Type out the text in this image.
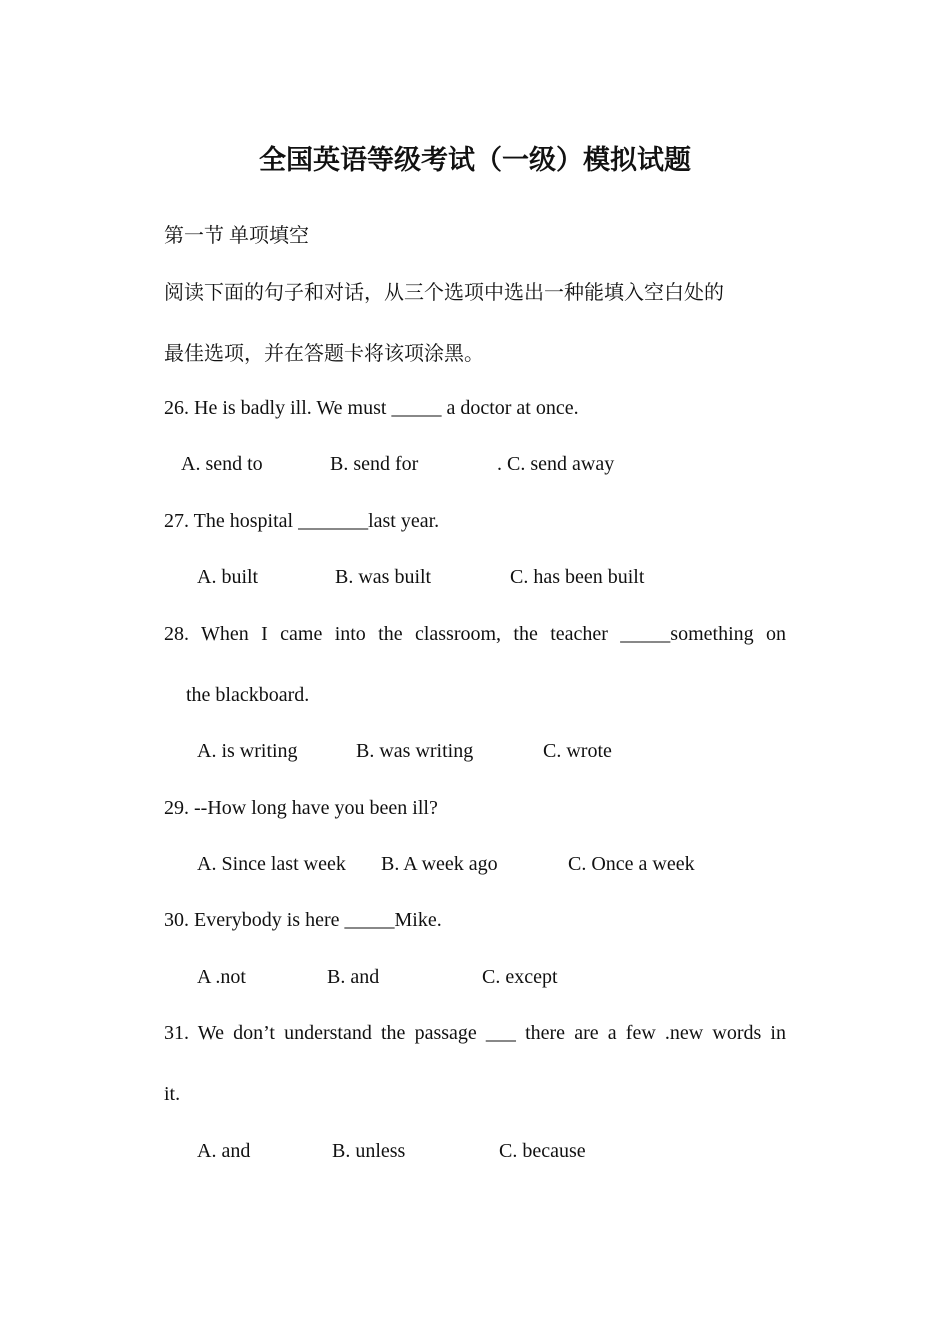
全国英语等级考试（一级）模拟试题
第一节 单项填空
阅读下面的句子和对话，从三个选项中选出一种能填入空白处的
最佳选项，并在答题卡将该项涂黑。
26. He is badly ill. We must _____ a doctor at once.
A. send to	B. send for	. C. send away
27. The hospital _______last year.
A. built	B. was built	C. has been built
28. When I came into the classroom, the teacher _____something on
the blackboard.
A. is writing	B. was writing	C. wrote
29. --How long have you been ill?
A. Since last week B. A week ago	C. Once a week
30. Everybody is here _____Mike.
A .not	B. and	C. except
31. We don’t understand the passage ___ there are a few .new words in
it.
A. and	B. unless	C. because
